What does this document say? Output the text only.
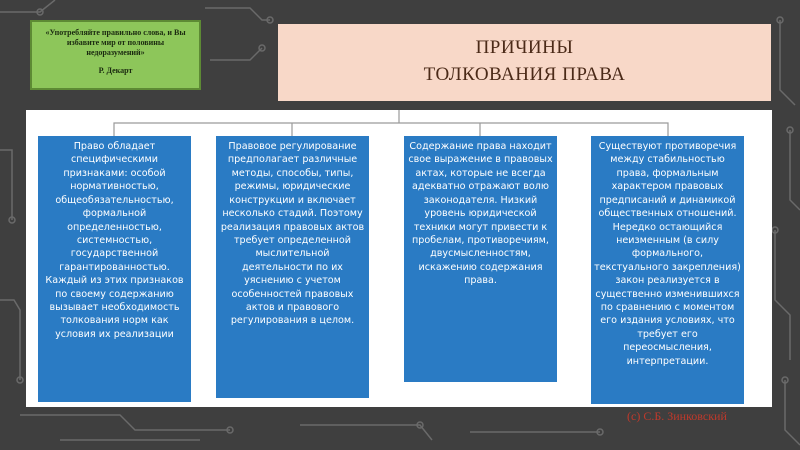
«Употребляйте правильно слова, и Вы избавите мир от половины недоразумений»
Р. Декарт
ПРИЧИНЫ
ТОЛКОВАНИЯ ПРАВА
Право обладает специфическими признаками: особой нормативностью, общеобязательностью, формальной определенностью, системностью, государственной гарантированностью. Каждый из этих признаков по своему содержанию вызывает необходимость толкования норм как условия их реализации
Правовое регулирование предполагает различные методы, способы, типы, режимы, юридические конструкции и включает несколько стадий. Поэтому реализация правовых актов требует определенной мыслительной деятельности по их уяснению с учетом особенностей правовых актов и правового регулирования в целом.
Содержание права находит свое выражение в правовых актах, которые не всегда адекватно отражают волю законодателя. Низкий уровень юридической техники могут привести к пробелам, противоречиям, двусмысленностям, искажению содержания права.
Существуют противоречия между стабильностью права, формальным характером правовых предписаний и динамикой общественных отношений. Нередко остающийся неизменным (в силу формального, текстуального закрепления) закон реализуется в существенно изменившихся по сравнению с моментом его издания условиях, что требует его переосмысления, интерпретации.
(с) С.Б. Зинковский
